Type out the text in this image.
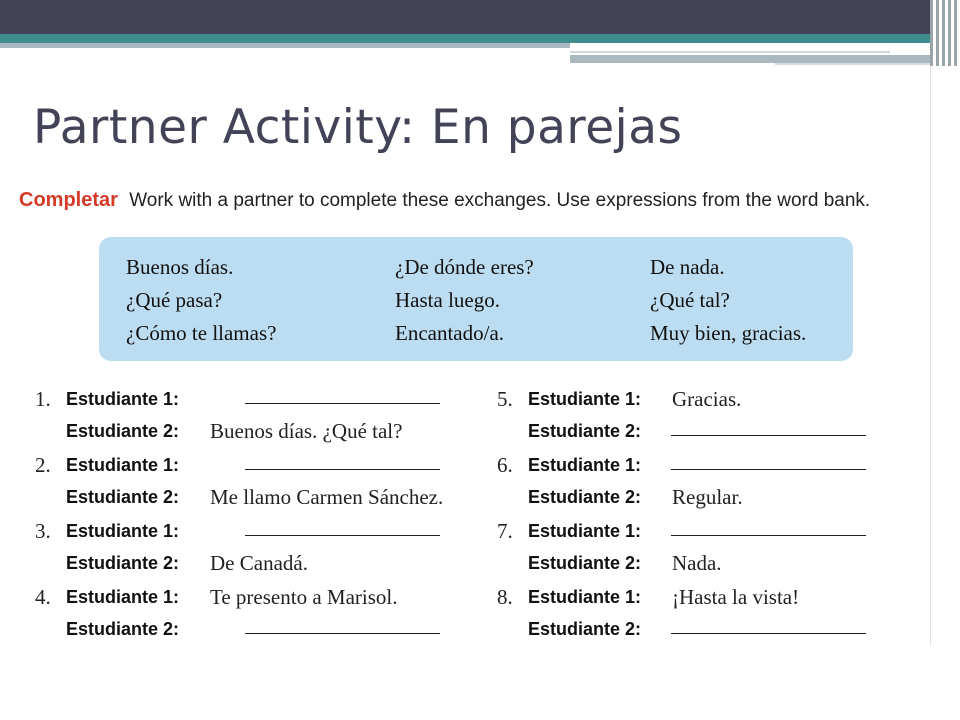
Partner Activity: En parejas
Completar Work with a partner to complete these exchanges. Use expressions from the word bank.
Buenos días.	¿De dónde eres?	De nada.
¿Qué pasa?	Hasta luego.	¿Qué tal?
¿Cómo te llamas?	Encantado/a.	Muy bien, gracias.
1. Estudiante 1:
Estudiante 2: Buenos días. ¿Qué tal?
2. Estudiante 1:
Estudiante 2: Me llamo Carmen Sánchez.
3. Estudiante 1:
Estudiante 2: De Canadá.
4. Estudiante 1: Te presento a Marisol.
Estudiante 2:
5. Estudiante 1: Gracias.
Estudiante 2:
6. Estudiante 1:
Estudiante 2: Regular.
7. Estudiante 1:
Estudiante 2: Nada.
8. Estudiante 1: ¡Hasta la vista!
Estudiante 2:
